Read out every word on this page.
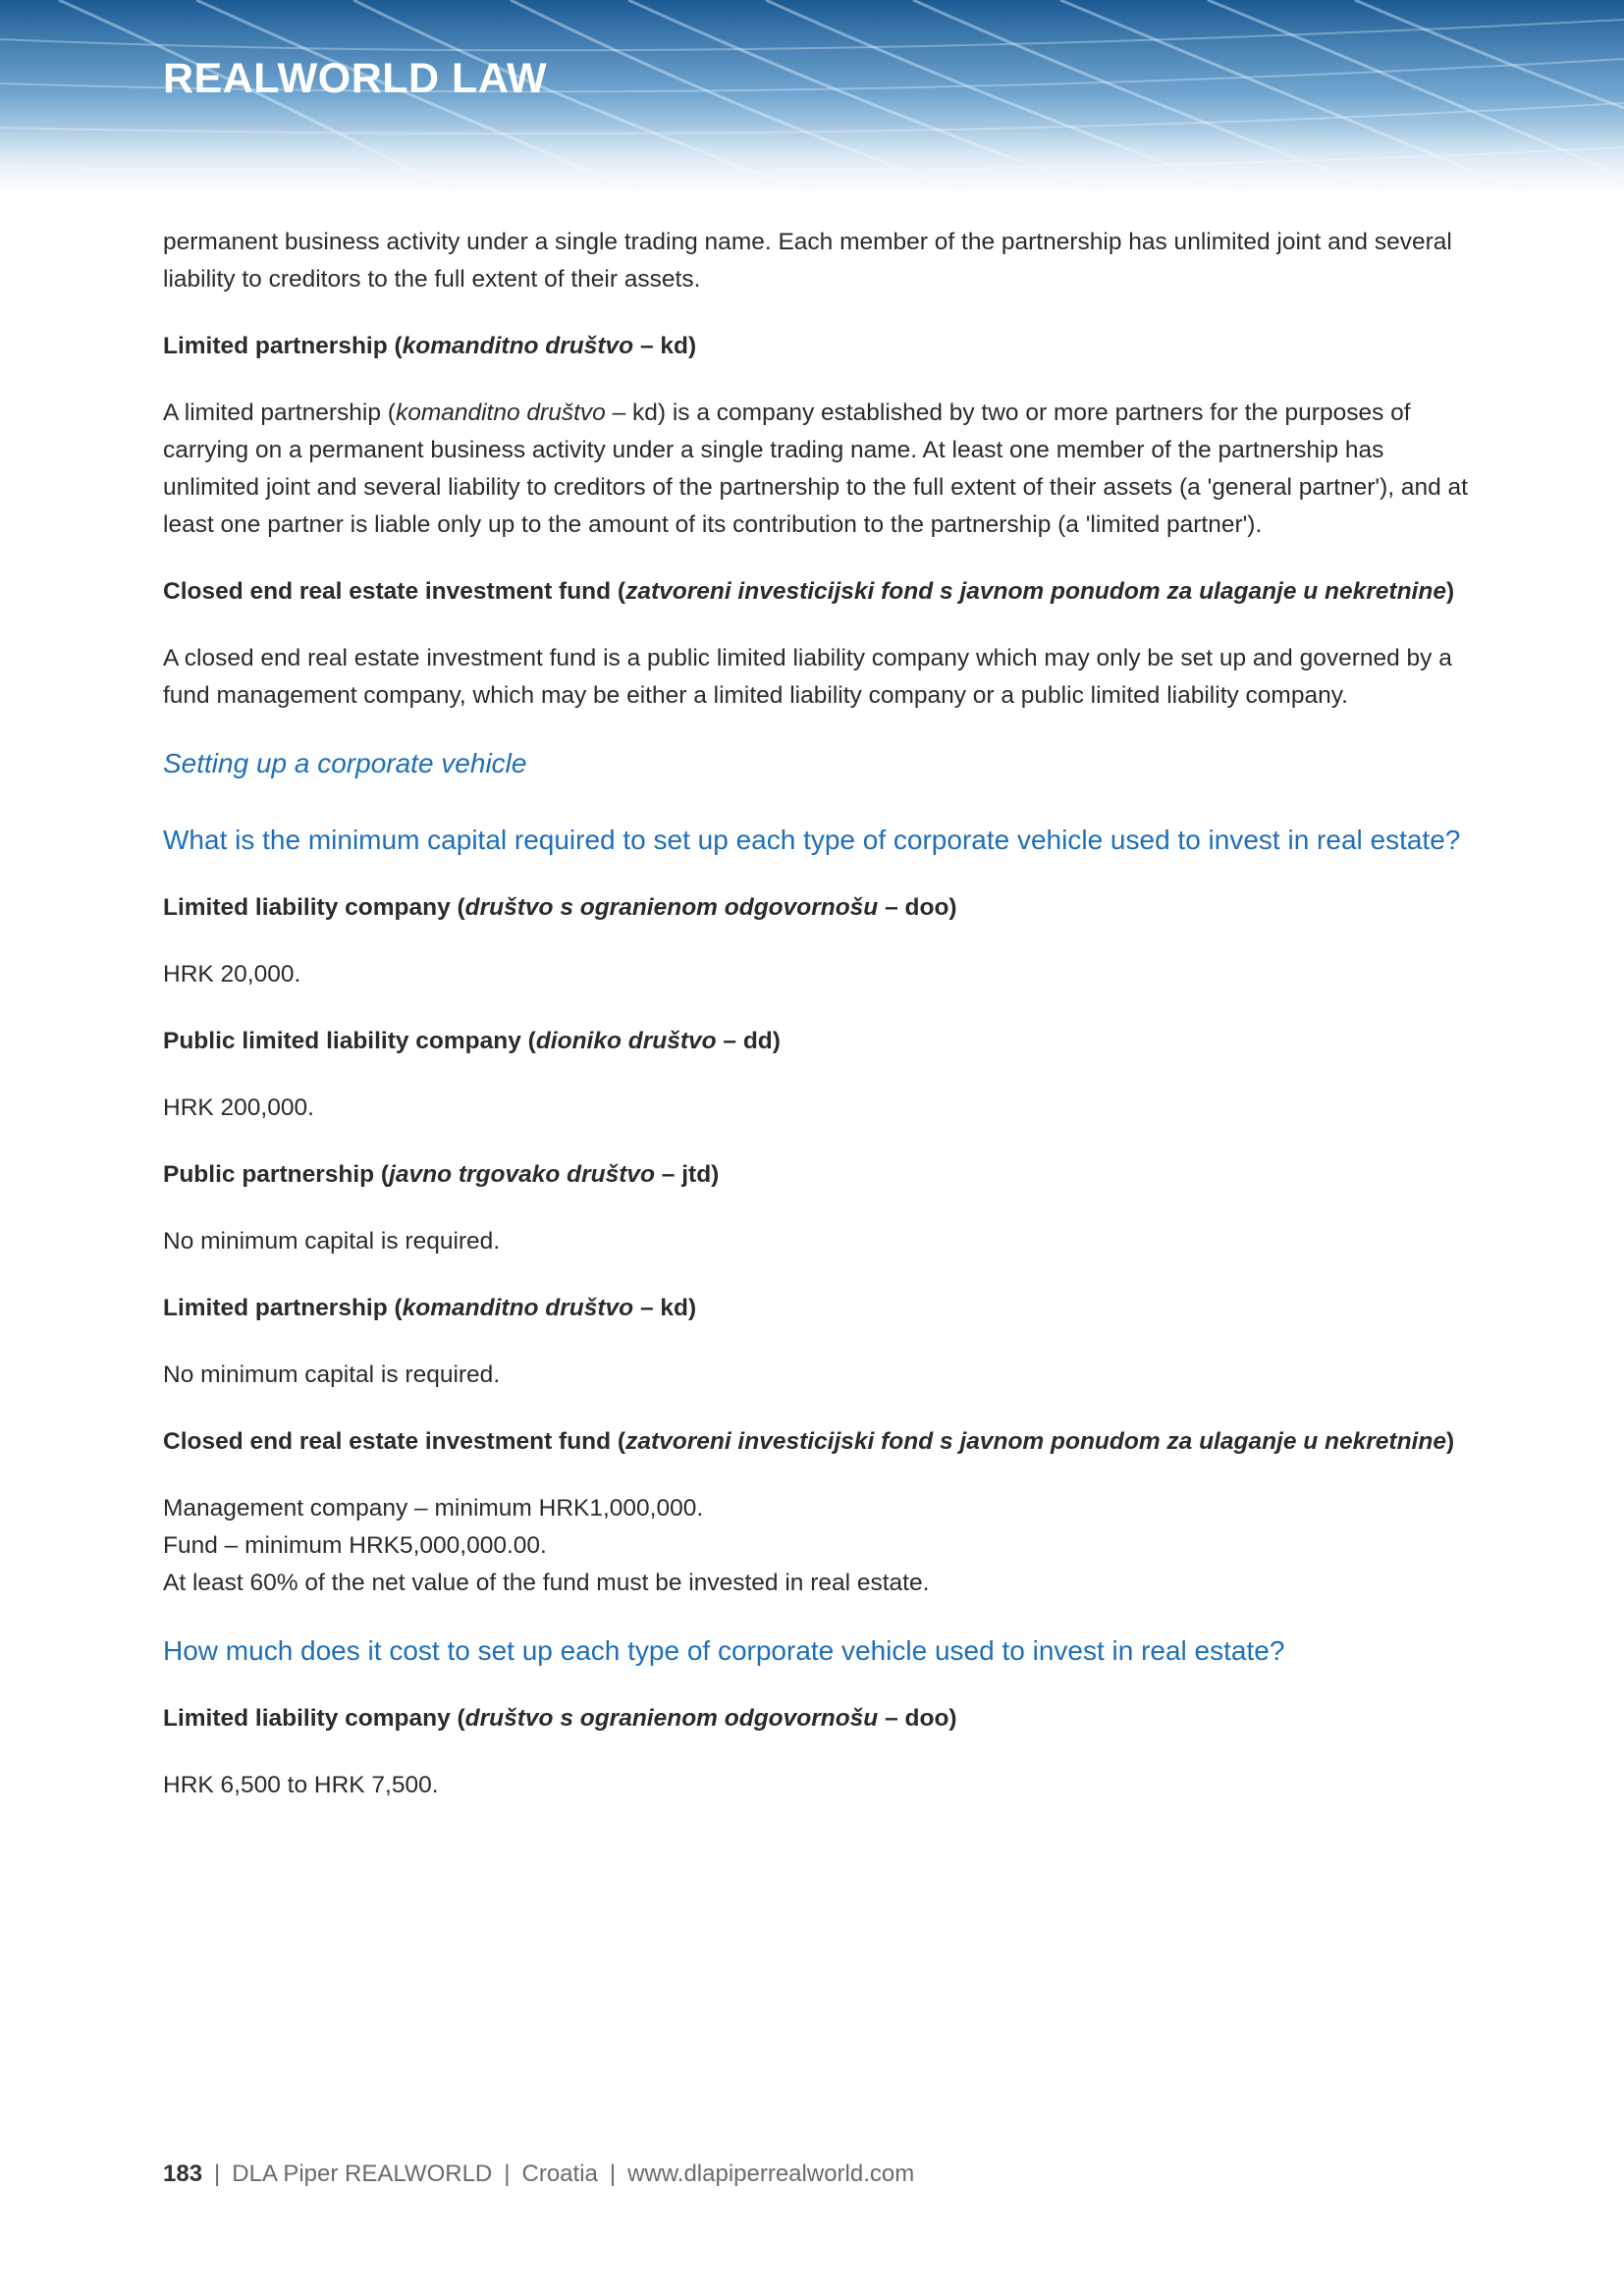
REALWORLD LAW

permanent business activity under a single trading name. Each member of the partnership has unlimited joint and several liability to creditors to the full extent of their assets.

Limited partnership (komanditno društvo – kd)

A limited partnership (komanditno društvo – kd) is a company established by two or more partners for the purposes of carrying on a permanent business activity under a single trading name. At least one member of the partnership has unlimited joint and several liability to creditors of the partnership to the full extent of their assets (a 'general partner'), and at least one partner is liable only up to the amount of its contribution to the partnership (a 'limited partner').

Closed end real estate investment fund (zatvoreni investicijski fond s javnom ponudom za ulaganje u nekretnine)

A closed end real estate investment fund is a public limited liability company which may only be set up and governed by a fund management company, which may be either a limited liability company or a public limited liability company.

Setting up a corporate vehicle

What is the minimum capital required to set up each type of corporate vehicle used to invest in real estate?

Limited liability company (društvo s ogranienom odgovornošu – doo)

HRK 20,000.

Public limited liability company (dioniko društvo – dd)

HRK 200,000.

Public partnership (javno trgovako društvo – jtd)

No minimum capital is required.

Limited partnership (komanditno društvo – kd)

No minimum capital is required.

Closed end real estate investment fund (zatvoreni investicijski fond s javnom ponudom za ulaganje u nekretnine)

Management company – minimum HRK1,000,000.
Fund – minimum HRK5,000,000.00.
At least 60% of the net value of the fund must be invested in real estate.

How much does it cost to set up each type of corporate vehicle used to invest in real estate?

Limited liability company (društvo s ogranienom odgovornošu – doo)

HRK 6,500 to HRK 7,500.

183 | DLA Piper REALWORLD | Croatia | www.dlapiperrealworld.com
